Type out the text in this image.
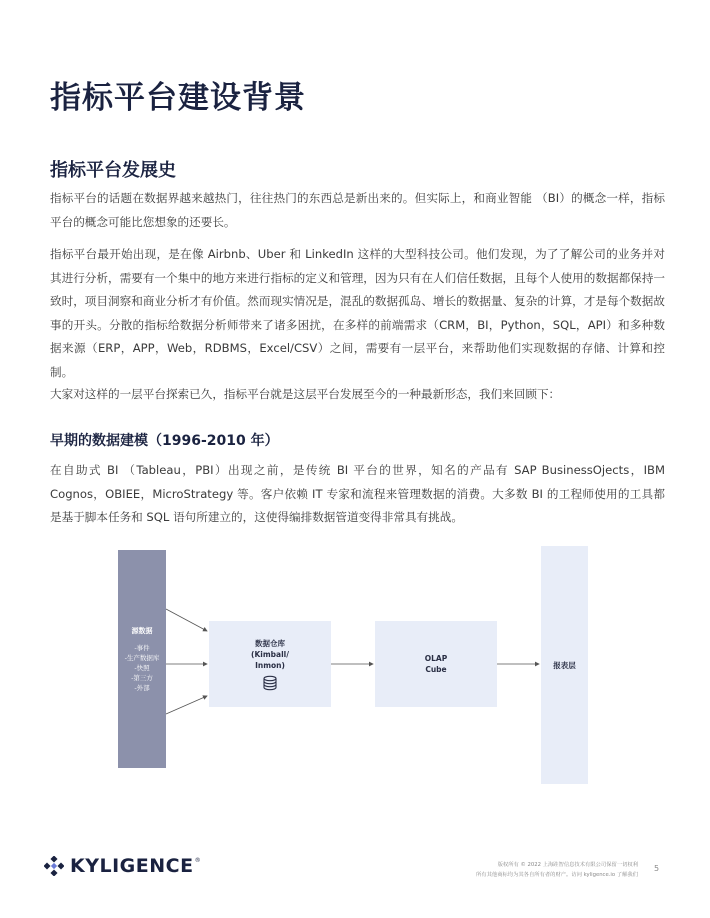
指标平台建设背景
指标平台发展史

指标平台的话题在数据界越来越热门，往往热门的东西总是新出来的。但实际上，和商业智能 （BI）的概念一样，指标平台的概念可能比您想象的还要长。

指标平台最开始出现，是在像 Airbnb、Uber 和 LinkedIn 这样的大型科技公司。他们发现，为了了解公司的业务并对其进行分析，需要有一个集中的地方来进行指标的定义和管理，因为只有在人们信任数据，且每个人使用的数据都保持一致时，项目洞察和商业分析才有价值。然而现实情况是，混乱的数据孤岛、增长的数据量、复杂的计算，才是每个数据故事的开头。分散的指标给数据分析师带来了诸多困扰，在多样的前端需求（CRM，BI，Python，SQL，API）和多种数据来源（ERP，APP，Web，RDBMS，Excel/CSV）之间，需要有一层平台，来帮助他们实现数据的存储、计算和控制。

大家对这样的一层平台探索已久，指标平台就是这层平台发展至今的一种最新形态，我们来回顾下：

早期的数据建模（1996-2010 年）

在自助式 BI （Tableau，PBI）出现之前，是传统 BI 平台的世界，知名的产品有 SAP BusinessOjects，IBM Cognos，OBIEE，MicroStrategy 等。客户依赖 IT 专家和流程来管理数据的消费。大多数 BI 的工程师使用的工具都是基于脚本任务和 SQL 语句所建立的，这使得编排数据管道变得非常具有挑战。

源数据
-事件
-生产数据库
-快照
-第三方
-外部
数据仓库
(Kimball/
Inmon)
OLAP
Cube	报表层
KYLIGENCE®
版权所有 © 2022 上海跬智信息技术有限公司保留一切权利
所有其他商标均为其各自所有者的财产。访问 kyligence.io 了解我们
5
